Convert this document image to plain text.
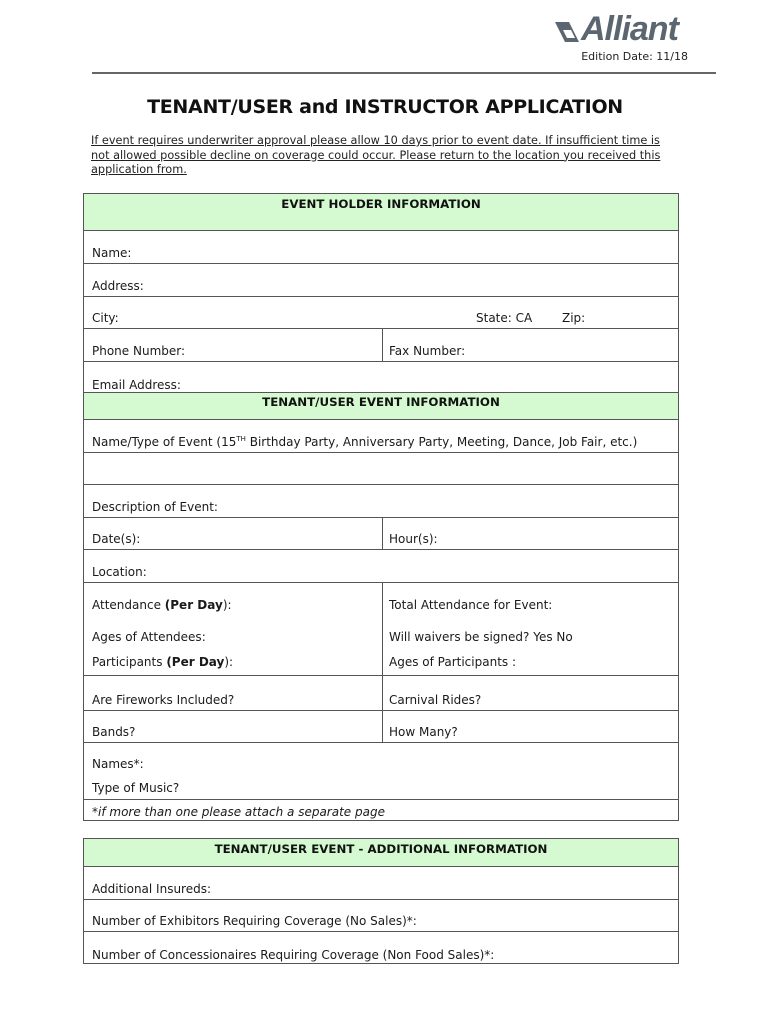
Alliant
Edition Date: 11/18
TENANT/USER and INSTRUCTOR APPLICATION
If event requires underwriter approval please allow 10 days prior to event date. If insufficient time is not allowed possible decline on coverage could occur. Please return to the location you received this application from.
EVENT HOLDER INFORMATION
Name:
Address:
City:	State: CA Zip:
Phone Number:	Fax Number:
Email Address:
TENANT/USER EVENT INFORMATION
Name/Type of Event (15TH Birthday Party, Anniversary Party, Meeting, Dance, Job Fair, etc.)
Description of Event:
Date(s):	Hour(s):
Location:
Attendance (Per Day):	Total Attendance for Event:
Ages of Attendees:	Will waivers be signed? Yes No
Participants (Per Day):	Ages of Participants :
Are Fireworks Included?	Carnival Rides?
Bands?	How Many?
Names*:
Type of Music?
*if more than one please attach a separate page
TENANT/USER EVENT - ADDITIONAL INFORMATION
Additional Insureds:
Number of Exhibitors Requiring Coverage (No Sales)*:
Number of Concessionaires Requiring Coverage (Non Food Sales)*:
